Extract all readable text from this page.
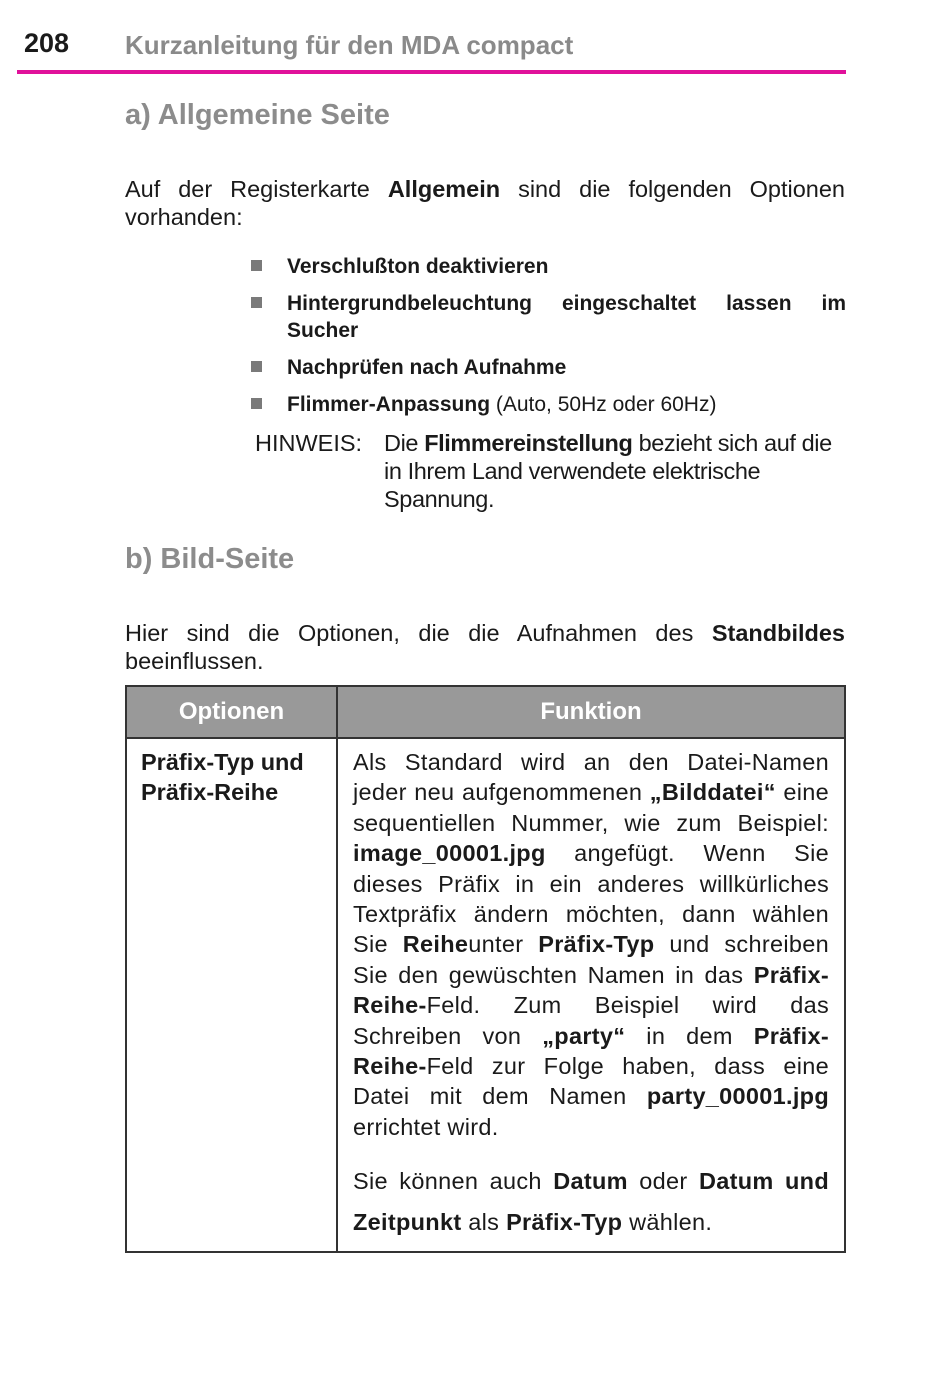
208 Kurzanleitung für den MDA compact
a) Allgemeine Seite
Auf der Registerkarte Allgemein sind die folgenden Optionen vorhanden:
Verschlußton deaktivieren
Hintergrundbeleuchtung eingeschaltet lassen im Sucher
Nachprüfen nach Aufnahme
Flimmer-Anpassung (Auto, 50Hz oder 60Hz)
HINWEIS: Die Flimmereinstellung bezieht sich auf die in Ihrem Land verwendete elektrische Spannung.
b) Bild-Seite
Hier sind die Optionen, die die Aufnahmen des Standbildes beeinflussen.
Optionen	Funktion
Präfix-Typ und Präfix-Reihe	Als Standard wird an den Datei-Namen jeder neu aufgenommenen „Bilddatei“ eine sequentiellen Nummer, wie zum Beispiel: image_00001.jpg angefügt. Wenn Sie dieses Präfix in ein anderes willkürliches Textpräfix ändern möchten, dann wählen Sie Reiheunter Präfix-Typ und schreiben Sie den gewüschten Namen in das Präfix-Reihe-Feld. Zum Beispiel wird das Schreiben von „party“ in dem Präfix-Reihe-Feld zur Folge haben, dass eine Datei mit dem Namen party_00001.jpg errichtet wird.

Sie können auch Datum oder Datum und Zeitpunkt als Präfix-Typ wählen.
